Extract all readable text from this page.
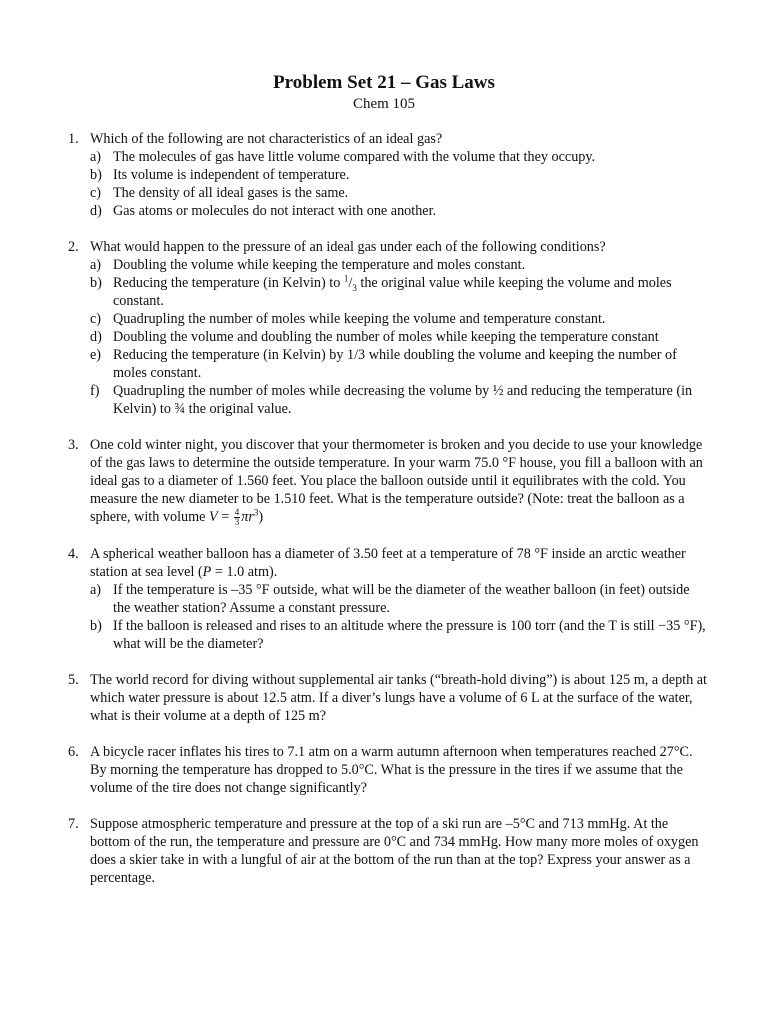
Problem Set 21 – Gas Laws
Chem 105
1. Which of the following are not characteristics of an ideal gas?
a) The molecules of gas have little volume compared with the volume that they occupy.
b) Its volume is independent of temperature.
c) The density of all ideal gases is the same.
d) Gas atoms or molecules do not interact with one another.
2. What would happen to the pressure of an ideal gas under each of the following conditions?
a) Doubling the volume while keeping the temperature and moles constant.
b) Reducing the temperature (in Kelvin) to $^1/_3$ the original value while keeping the volume and moles constant.
c) Quadrupling the number of moles while keeping the volume and temperature constant.
d) Doubling the volume and doubling the number of moles while keeping the temperature constant
e) Reducing the temperature (in Kelvin) by 1/3 while doubling the volume and keeping the number of moles constant.
f) Quadrupling the number of moles while decreasing the volume by ½ and reducing the temperature (in Kelvin) to ¾ the original value.
3. One cold winter night, you discover that your thermometer is broken and you decide to use your knowledge of the gas laws to determine the outside temperature. In your warm 75.0 °F house, you fill a balloon with an ideal gas to a diameter of 1.560 feet. You place the balloon outside until it equilibrates with the cold. You measure the new diameter to be 1.510 feet. What is the temperature outside? (Note: treat the balloon as a sphere, with volume $V = \frac{4}{3} \pi r^3$)
4. A spherical weather balloon has a diameter of 3.50 feet at a temperature of 78 °F inside an arctic weather station at sea level (P = 1.0 atm).
a) If the temperature is –35 °F outside, what will be the diameter of the weather balloon (in feet) outside the weather station? Assume a constant pressure.
b) If the balloon is released and rises to an altitude where the pressure is 100 torr (and the T is still −35 °F), what will be the diameter?
5. The world record for diving without supplemental air tanks (“breath-hold diving”) is about 125 m, a depth at which water pressure is about 12.5 atm. If a diver’s lungs have a volume of 6 L at the surface of the water, what is their volume at a depth of 125 m?
6. A bicycle racer inflates his tires to 7.1 atm on a warm autumn afternoon when temperatures reached 27°C. By morning the temperature has dropped to 5.0°C. What is the pressure in the tires if we assume that the volume of the tire does not change significantly?
7. Suppose atmospheric temperature and pressure at the top of a ski run are –5°C and 713 mmHg. At the bottom of the run, the temperature and pressure are 0°C and 734 mmHg. How many more moles of oxygen does a skier take in with a lungful of air at the bottom of the run than at the top? Express your answer as a percentage.
